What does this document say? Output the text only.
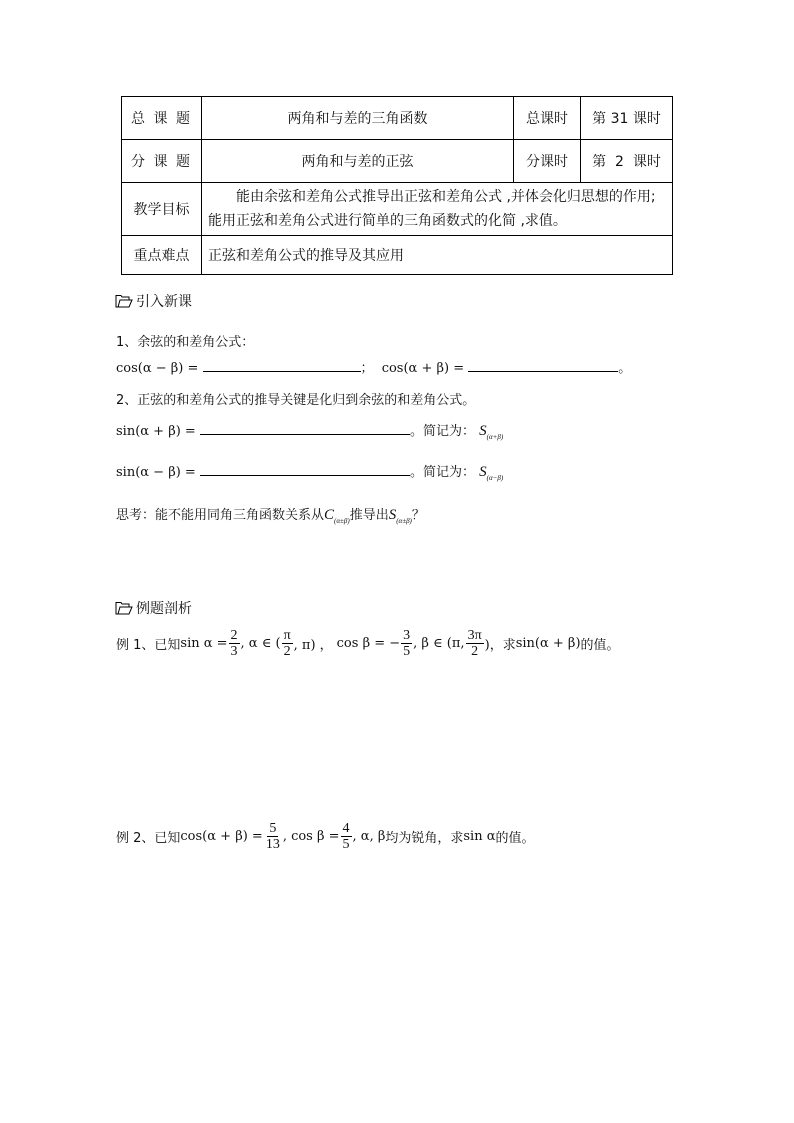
总 课 题	两角和与差的三角函数	总课时	第 31 课时
分 课 题	两角和与差的正弦	分课时	第  2  课时
教学目标	能由余弦和差角公式推导出正弦和差角公式 ,并体会化归思想的作用;能用正弦和差角公式进行简单的三角函数式的化简 ,求值。		
重点难点	正弦和差角公式的推导及其应用		
引入新课
1、余弦的和差角公式：
cos(α − β) =	； cos(α + β) =	。
2、正弦的和差角公式的推导关键是化归到余弦的和差角公式。
sin(α + β) =	。简记为： $S_{(\alpha+\beta)}$
sin(α − β) =	。简记为： $S_{(\alpha-\beta)}$
思考：能不能用同角三角函数关系从$C_{(\alpha\pm\beta)}$推导出$S_{(\alpha\pm\beta)}$？
例题剖析
例 1、已知 $\sin \alpha = \frac{2}{3}$ , α ∈ ( $\frac{\pi}{2}$ , π) ， cos β = − $\frac{3}{5}$ , β ∈ (π, $\frac{3\pi}{2}$ )，求 sin(α + β) 的值。
例 2、已知 $\cos(\alpha + \beta) = \frac{5}{13}$ , $\cos \beta = \frac{4}{5}$ , α, β 均为锐角，求 sin α 的值。
